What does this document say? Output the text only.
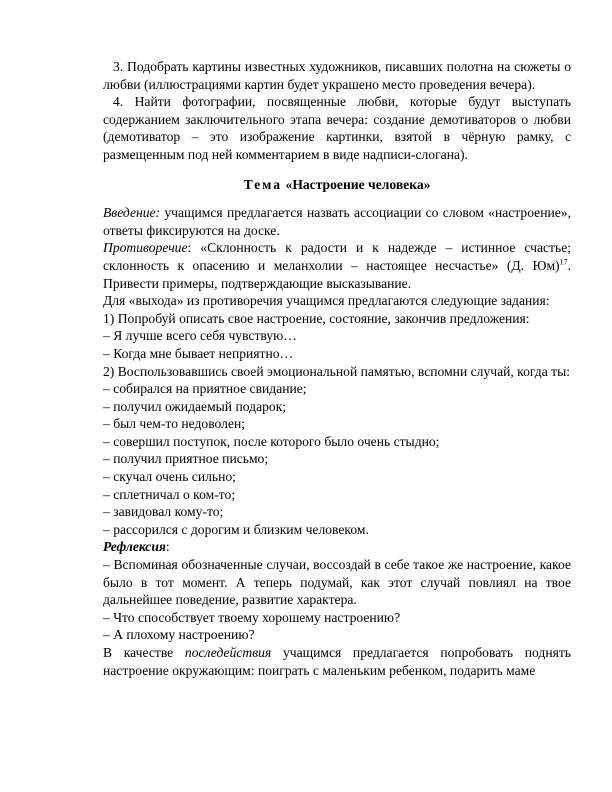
3. Подобрать картины известных художников, писавших полотна на сюжеты о любви (иллюстрациями картин будет украшено место проведения вечера).

4. Найти фотографии, посвященные любви, которые будут выступать содержанием заключительного этапа вечера: создание демотиваторов о любви (демотиватор – это изображение картинки, взятой в чёрную рамку, с размещенным под ней комментарием в виде надписи-слогана).

Тема «Настроение человека»

Введение: учащимся предлагается назвать ассоциации со словом «настроение», ответы фиксируются на доске.

Противоречие: «Склонность к радости и к надежде – истинное счастье; склонность к опасению и меланхолии – настоящее несчастье» (Д. Юм)$^{17}$. Привести примеры, подтверждающие высказывание.

Для «выхода» из противоречия учащимся предлагаются следующие задания:

1) Попробуй описать свое настроение, состояние, закончив предложения:

– Я лучше всего себя чувствую…
– Когда мне бывает неприятно…

2) Воспользовавшись своей эмоциональной памятью, вспомни случай, когда ты:

– собирался на приятное свидание;
– получил ожидаемый подарок;
– был чем-то недоволен;
– совершил поступок, после которого было очень стыдно;
– получил приятное письмо;
– скучал очень сильно;
– сплетничал о ком-то;
– завидовал кому-то;
– рассорился с дорогим и близким человеком.
Рефлексия:

– Вспоминая обозначенные случаи, воссоздай в себе такое же настроение, какое было в тот момент. А теперь подумай, как этот случай повлиял на твое дальнейшее поведение, развитие характера.

– Что способствует твоему хорошему настроению?
– А плохому настроению?

В качестве последействия учащимся предлагается попробовать поднять настроение окружающим: поиграть с маленьким ребенком, подарить маме
